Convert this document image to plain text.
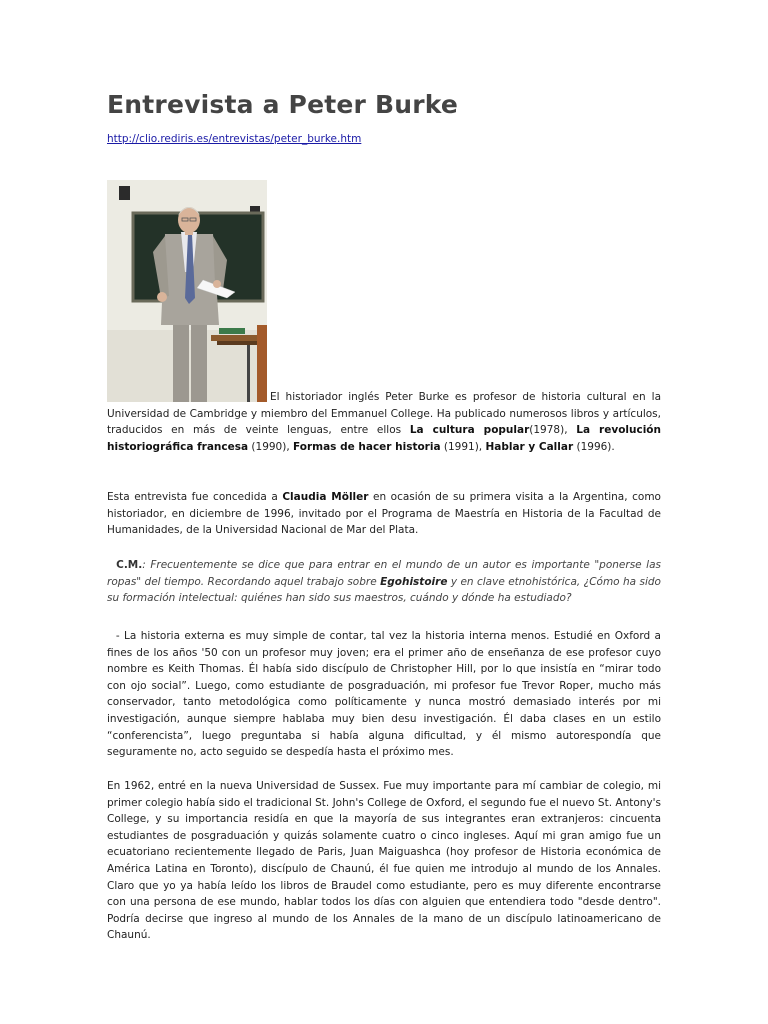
Entrevista a Peter Burke
http://clio.rediris.es/entrevistas/peter_burke.htm

El historiador inglés Peter Burke es profesor de historia cultural en la Universidad de Cambridge y miembro del Emmanuel College. Ha publicado numerosos libros y artículos, traducidos en más de veinte lenguas, entre ellos La cultura popular(1978), La revolución historiográfica francesa (1990), Formas de hacer historia (1991), Hablar y Callar (1996).

Esta entrevista fue concedida a Claudia Möller en ocasión de su primera visita a la Argentina, como historiador, en diciembre de 1996, invitado por el Programa de Maestría en Historia de la Facultad de Humanidades, de la Universidad Nacional de Mar del Plata.

C.M.: Frecuentemente se dice que para entrar en el mundo de un autor es importante "ponerse las ropas" del tiempo. Recordando aquel trabajo sobre Egohistoire y en clave etnohistórica, ¿Cómo ha sido su formación intelectual: quiénes han sido sus maestros, cuándo y dónde ha estudiado?

- La historia externa es muy simple de contar, tal vez la historia interna menos. Estudié en Oxford a fines de los años '50 con un profesor muy joven; era el primer año de enseñanza de ese profesor cuyo nombre es Keith Thomas. Él había sido discípulo de Christopher Hill, por lo que insistía en “mirar todo con ojo social”. Luego, como estudiante de posgraduación, mi profesor fue Trevor Roper, mucho más conservador, tanto metodológica como políticamente y nunca mostró demasiado interés por mi investigación, aunque siempre hablaba muy bien desu investigación. Él daba clases en un estilo “conferencista”, luego preguntaba si había alguna dificultad, y él mismo autorespondía que seguramente no, acto seguido se despedía hasta el próximo mes.

En 1962, entré en la nueva Universidad de Sussex. Fue muy importante para mí cambiar de colegio, mi primer colegio había sido el tradicional St. John's College de Oxford, el segundo fue el nuevo St. Antony's College, y su importancia residía en que la mayoría de sus integrantes eran extranjeros: cincuenta estudiantes de posgraduación y quizás solamente cuatro o cinco ingleses. Aquí mi gran amigo fue un ecuatoriano recientemente llegado de Paris, Juan Maiguashca (hoy profesor de Historia económica de América Latina en Toronto), discípulo de Chaunú, él fue quien me introdujo al mundo de los Annales. Claro que yo ya había leído los libros de Braudel como estudiante, pero es muy diferente encontrarse con una persona de ese mundo, hablar todos los días con alguien que entendiera todo "desde dentro". Podría decirse que ingreso al mundo de los Annales de la mano de un discípulo latinoamericano de Chaunú.
